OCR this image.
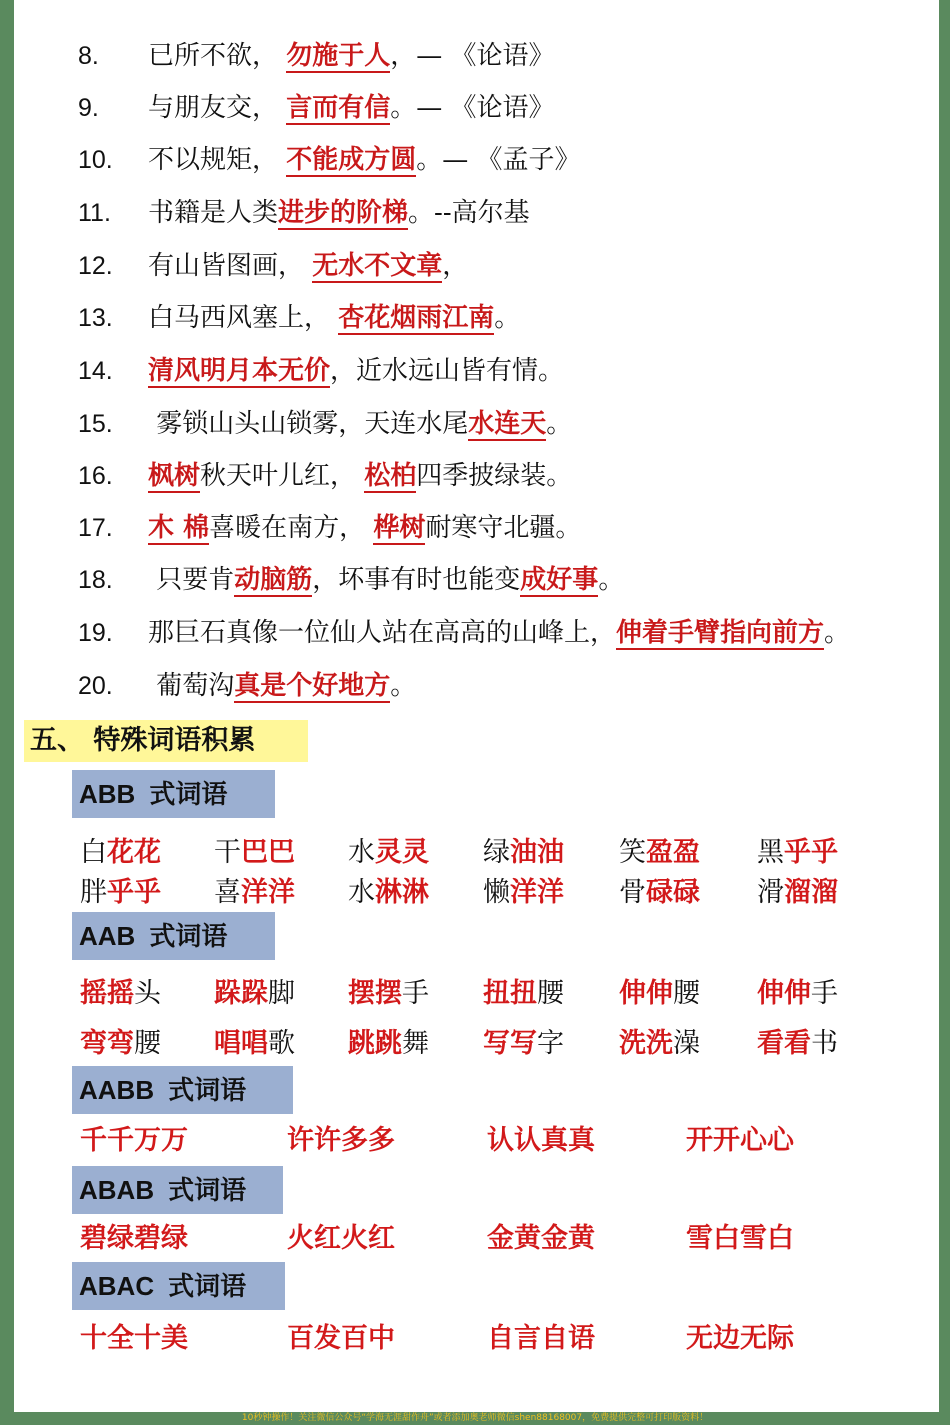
8. 已所不欲， 勿施于人，— 《论语》
9. 与朋友交， 言而有信。— 《论语》
10. 不以规矩， 不能成方圆。— 《孟子》
11. 书籍是人类进步的阶梯。--高尔基
12. 有山皆图画， 无水不文章，
13. 白马西风塞上， 杏花烟雨江南。
14. 清风明月本无价，近水远山皆有情。
15. 雾锁山头山锁雾，天连水尾水连天。
16. 枫树秋天叶儿红， 松柏四季披绿装。
17. 木 棉喜暖在南方， 桦树耐寒守北疆。
18. 只要肯动脑筋，坏事有时也能变成好事。
19. 那巨石真像一位仙人站在高高的山峰上，伸着手臂指向前方。
20. 葡萄沟真是个好地方。
五、 特殊词语积累
ABB 式词语
白花花 干巴巴 水灵灵 绿油油 笑盈盈 黑乎乎
胖乎乎 喜洋洋 水淋淋 懒洋洋 骨碌碌 滑溜溜
AAB 式词语
摇摇头 跺跺脚 摆摆手 扭扭腰 伸伸腰 伸伸手
弯弯腰 唱唱歌 跳跳舞 写写字 洗洗澡 看看书
AABB 式词语
千千万万	许许多多	认认真真	开开心心
ABAB 式词语
碧绿碧绿	火红火红	金黄金黄	雪白雪白
ABAC 式词语
十全十美	百发百中	自言自语	无边无际
10秒钟操作！关注微信公众号“学海无涯甜作舟”或者添加奥老师微信shen88168007，免费提供完整可打印版资料！
